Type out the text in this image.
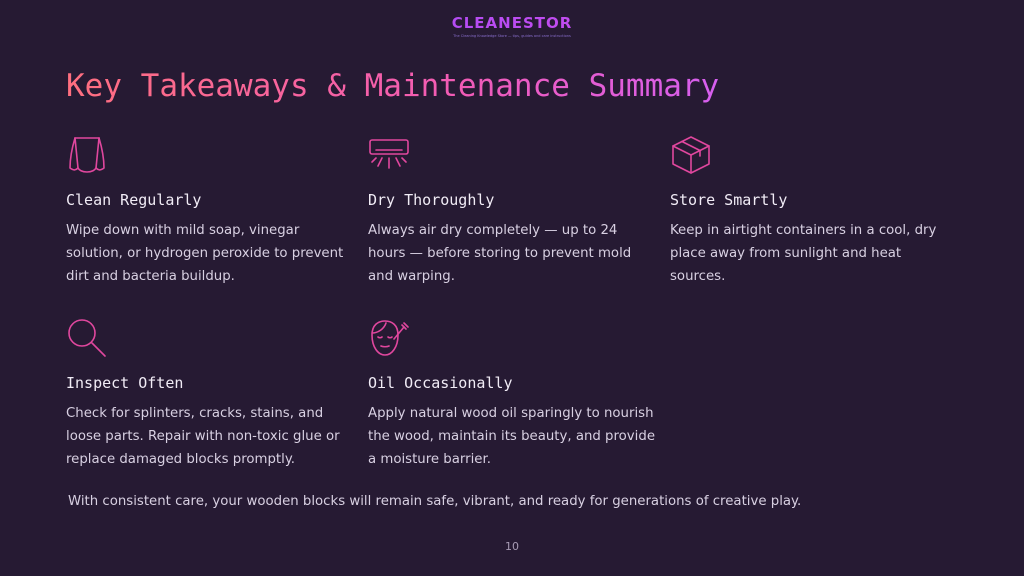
CLEANESTOR
The Cleaning Knowledge Store — tips, guides and care instructions
Key Takeaways & Maintenance Summary
Clean Regularly
Wipe down with mild soap, vinegar solution, or hydrogen peroxide to prevent dirt and bacteria buildup.
Dry Thoroughly
Always air dry completely — up to 24 hours — before storing to prevent mold and warping.
Store Smartly
Keep in airtight containers in a cool, dry place away from sunlight and heat sources.
Inspect Often
Check for splinters, cracks, stains, and loose parts. Repair with non-toxic glue or replace damaged blocks promptly.
Oil Occasionally
Apply natural wood oil sparingly to nourish the wood, maintain its beauty, and provide a moisture barrier.
With consistent care, your wooden blocks will remain safe, vibrant, and ready for generations of creative play.
10
